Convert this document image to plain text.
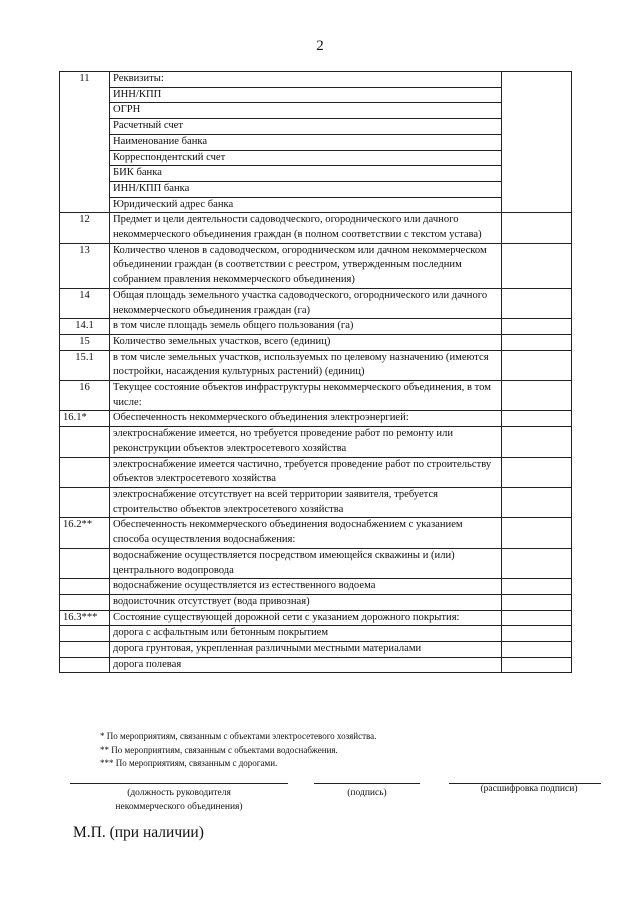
2
11	Реквизиты:	
	ИНН/КПП	
	ОГРН	
	Расчетный счет	
	Наименование банка	
	Корреспондентский счет	
	БИК банка	
	ИНН/КПП банка	
	Юридический адрес банка	
12	Предмет и цели деятельности садоводческого, огороднического или дачного некоммерческого объединения граждан (в полном соответствии с текстом устава)	
13	Количество членов в садоводческом, огородническом или дачном некоммерческом объединении граждан (в соответствии с реестром, утвержденным последним собранием правления некоммерческого объединения)	
14	Общая площадь земельного участка садоводческого, огороднического или дачного некоммерческого объединения граждан (га)	
14.1	в том числе площадь земель общего пользования (га)	
15	Количество земельных участков, всего (единиц)	
15.1	в том числе земельных участков, используемых по целевому назначению (имеются постройки, насаждения культурных растений) (единиц)	
16	Текущее состояние объектов инфраструктуры некоммерческого объединения, в том числе:	
16.1*	Обеспеченность некоммерческого объединения электроэнергией:	
	электроснабжение имеется, но требуется проведение работ по ремонту или реконструкции объектов электросетевого хозяйства	
	электроснабжение имеется частично, требуется проведение работ по строительству объектов электросетевого хозяйства	
	электроснабжение отсутствует на всей территории заявителя, требуется строительство объектов электросетевого хозяйства	
16.2**	Обеспеченность некоммерческого объединения водоснабжением с указанием способа осуществления водоснабжения:	
	водоснабжение осуществляется посредством имеющейся скважины и (или) центрального водопровода	
	водоснабжение осуществляется из естественного водоема	
	водоисточник отсутствует (вода привозная)	
16.3***	Состояние существующей дорожной сети с указанием дорожного покрытия:	
	дорога с асфальтным или бетонным покрытием	
	дорога грунтовая, укрепленная различными местными материалами	
	дорога полевая	
* По мероприятиям, связанным с объектами электросетевого хозяйства.
** По мероприятиям, связанным с объектами водоснабжения.
*** По мероприятиям, связанным с дорогами.
(должность руководителя
некоммерческого объединения)
(подпись)	(расшифровка подписи)
М.П. (при наличии)
